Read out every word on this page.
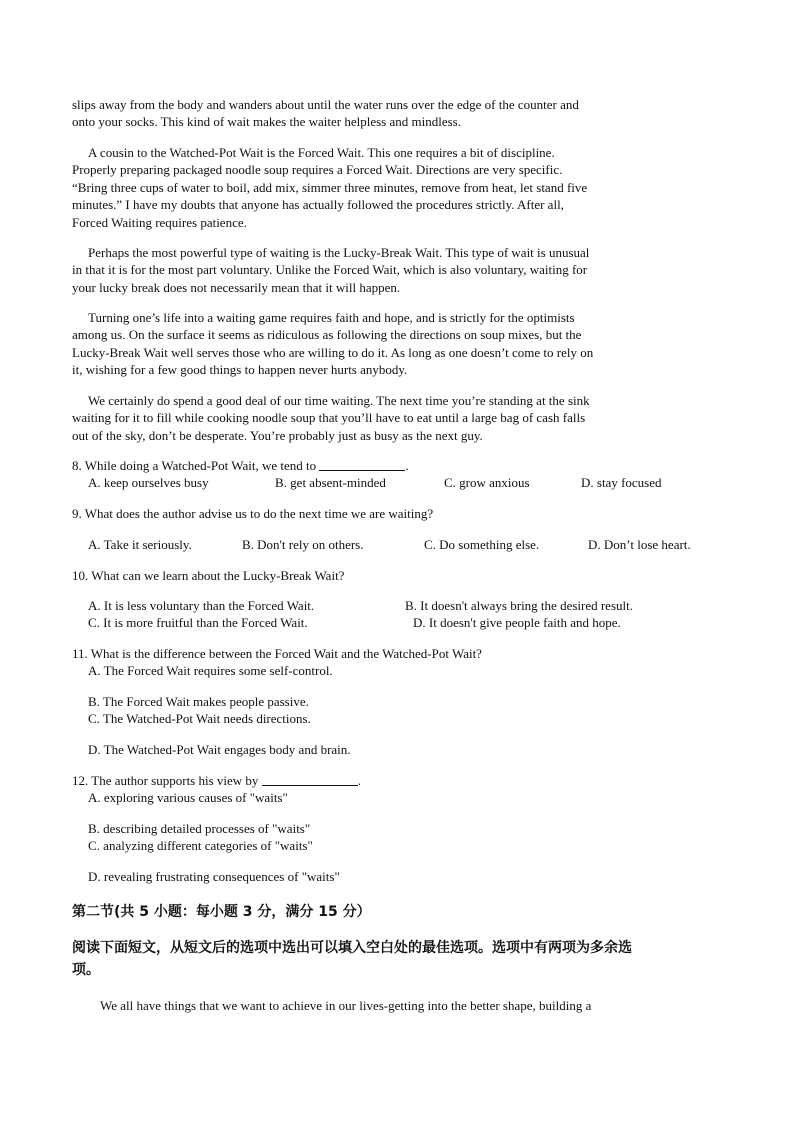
slips away from the body and wanders about until the water runs over the edge of the counter and
onto your socks. This kind of wait makes the waiter helpless and mindless.
A cousin to the Watched-Pot Wait is the Forced Wait. This one requires a bit of discipline.
Properly preparing packaged noodle soup requires a Forced Wait. Directions are very specific.
“Bring three cups of water to boil, add mix, simmer three minutes, remove from heat, let stand five
minutes.” I have my doubts that anyone has actually followed the procedures strictly. After all,
Forced Waiting requires patience.
Perhaps the most powerful type of waiting is the Lucky-Break Wait. This type of wait is unusual
in that it is for the most part voluntary. Unlike the Forced Wait, which is also voluntary, waiting for
your lucky break does not necessarily mean that it will happen.
Turning one’s life into a waiting game requires faith and hope, and is strictly for the optimists
among us. On the surface it seems as ridiculous as following the directions on soup mixes, but the
Lucky-Break Wait well serves those who are willing to do it. As long as one doesn’t come to rely on
it, wishing for a few good things to happen never hurts anybody.
We certainly do spend a good deal of our time waiting. The next time you’re standing at the sink
waiting for it to fill while cooking noodle soup that you’ll have to eat until a large bag of cash falls
out of the sky, don’t be desperate. You’re probably just as busy as the next guy.
8. While doing a Watched-Pot Wait, we tend to	.
A. keep ourselves busy	B. get absent-minded	C. grow anxious	D. stay focused
9. What does the author advise us to do the next time we are waiting?
A. Take it seriously.	B. Don't rely on others.	C. Do something else.	D. Don’t lose heart.
10. What can we learn about the Lucky-Break Wait?
A. It is less voluntary than the Forced Wait.	B. It doesn't always bring the desired result.
C. It is more fruitful than the Forced Wait.	D. It doesn't give people faith and hope.
11. What is the difference between the Forced Wait and the Watched-Pot Wait?
A. The Forced Wait requires some self-control.
B. The Forced Wait makes people passive.
C. The Watched-Pot Wait needs directions.
D. The Watched-Pot Wait engages body and brain.
12. The author supports his view by	.
A. exploring various causes of "waits"
B. describing detailed processes of "waits"
C. analyzing different categories of "waits"
D. revealing frustrating consequences of "waits"
第二节(共 5 小题：每小题 3 分，满分 15 分）
阅读下面短文，从短文后的选项中选出可以填入空白处的最佳选项。选项中有两项为多余选
项。
We all have things that we want to achieve in our lives-getting into the better shape, building a
